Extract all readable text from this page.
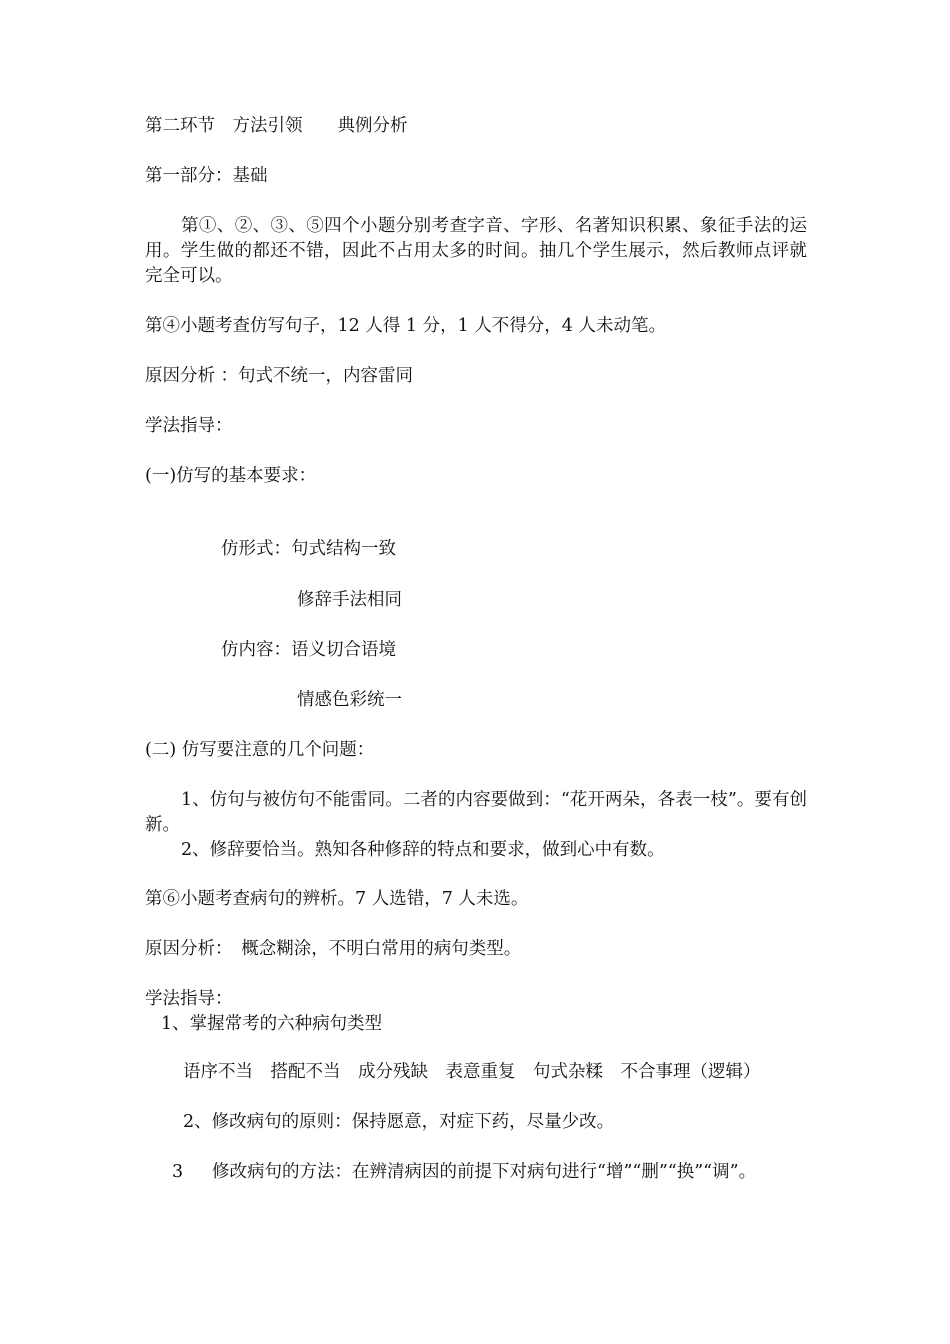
第二环节　方法引领　　典例分析
第一部分：基础
第①、②、③、⑤四个小题分别考查字音、字形、名著知识积累、象征手法的运用。学生做的都还不错，因此不占用太多的时间。抽几个学生展示，然后教师点评就完全可以。
第④小题考查仿写句子，12 人得 1 分，1 人不得分，4 人未动笔。
原因分析 ：句式不统一，内容雷同
学法指导：
(一)仿写的基本要求：
仿形式：句式结构一致
修辞手法相同
仿内容：语义切合语境
情感色彩统一
(二) 仿写要注意的几个问题：
1、仿句与被仿句不能雷同。二者的内容要做到：“花开两朵，各表一枝”。要有创新。
2、修辞要恰当。熟知各种修辞的特点和要求，做到心中有数。
第⑥小题考查病句的辨析。7 人选错，7 人未选。
原因分析：　概念糊涂，不明白常用的病句类型。
学法指导：
1、掌握常考的六种病句类型
语序不当　搭配不当　成分残缺　表意重复　句式杂糅　不合事理（逻辑）
2、修改病句的原则：保持愿意，对症下药，尽量少改。
3 修改病句的方法：在辨清病因的前提下对病句进行“增”“删”“换”“调”。
